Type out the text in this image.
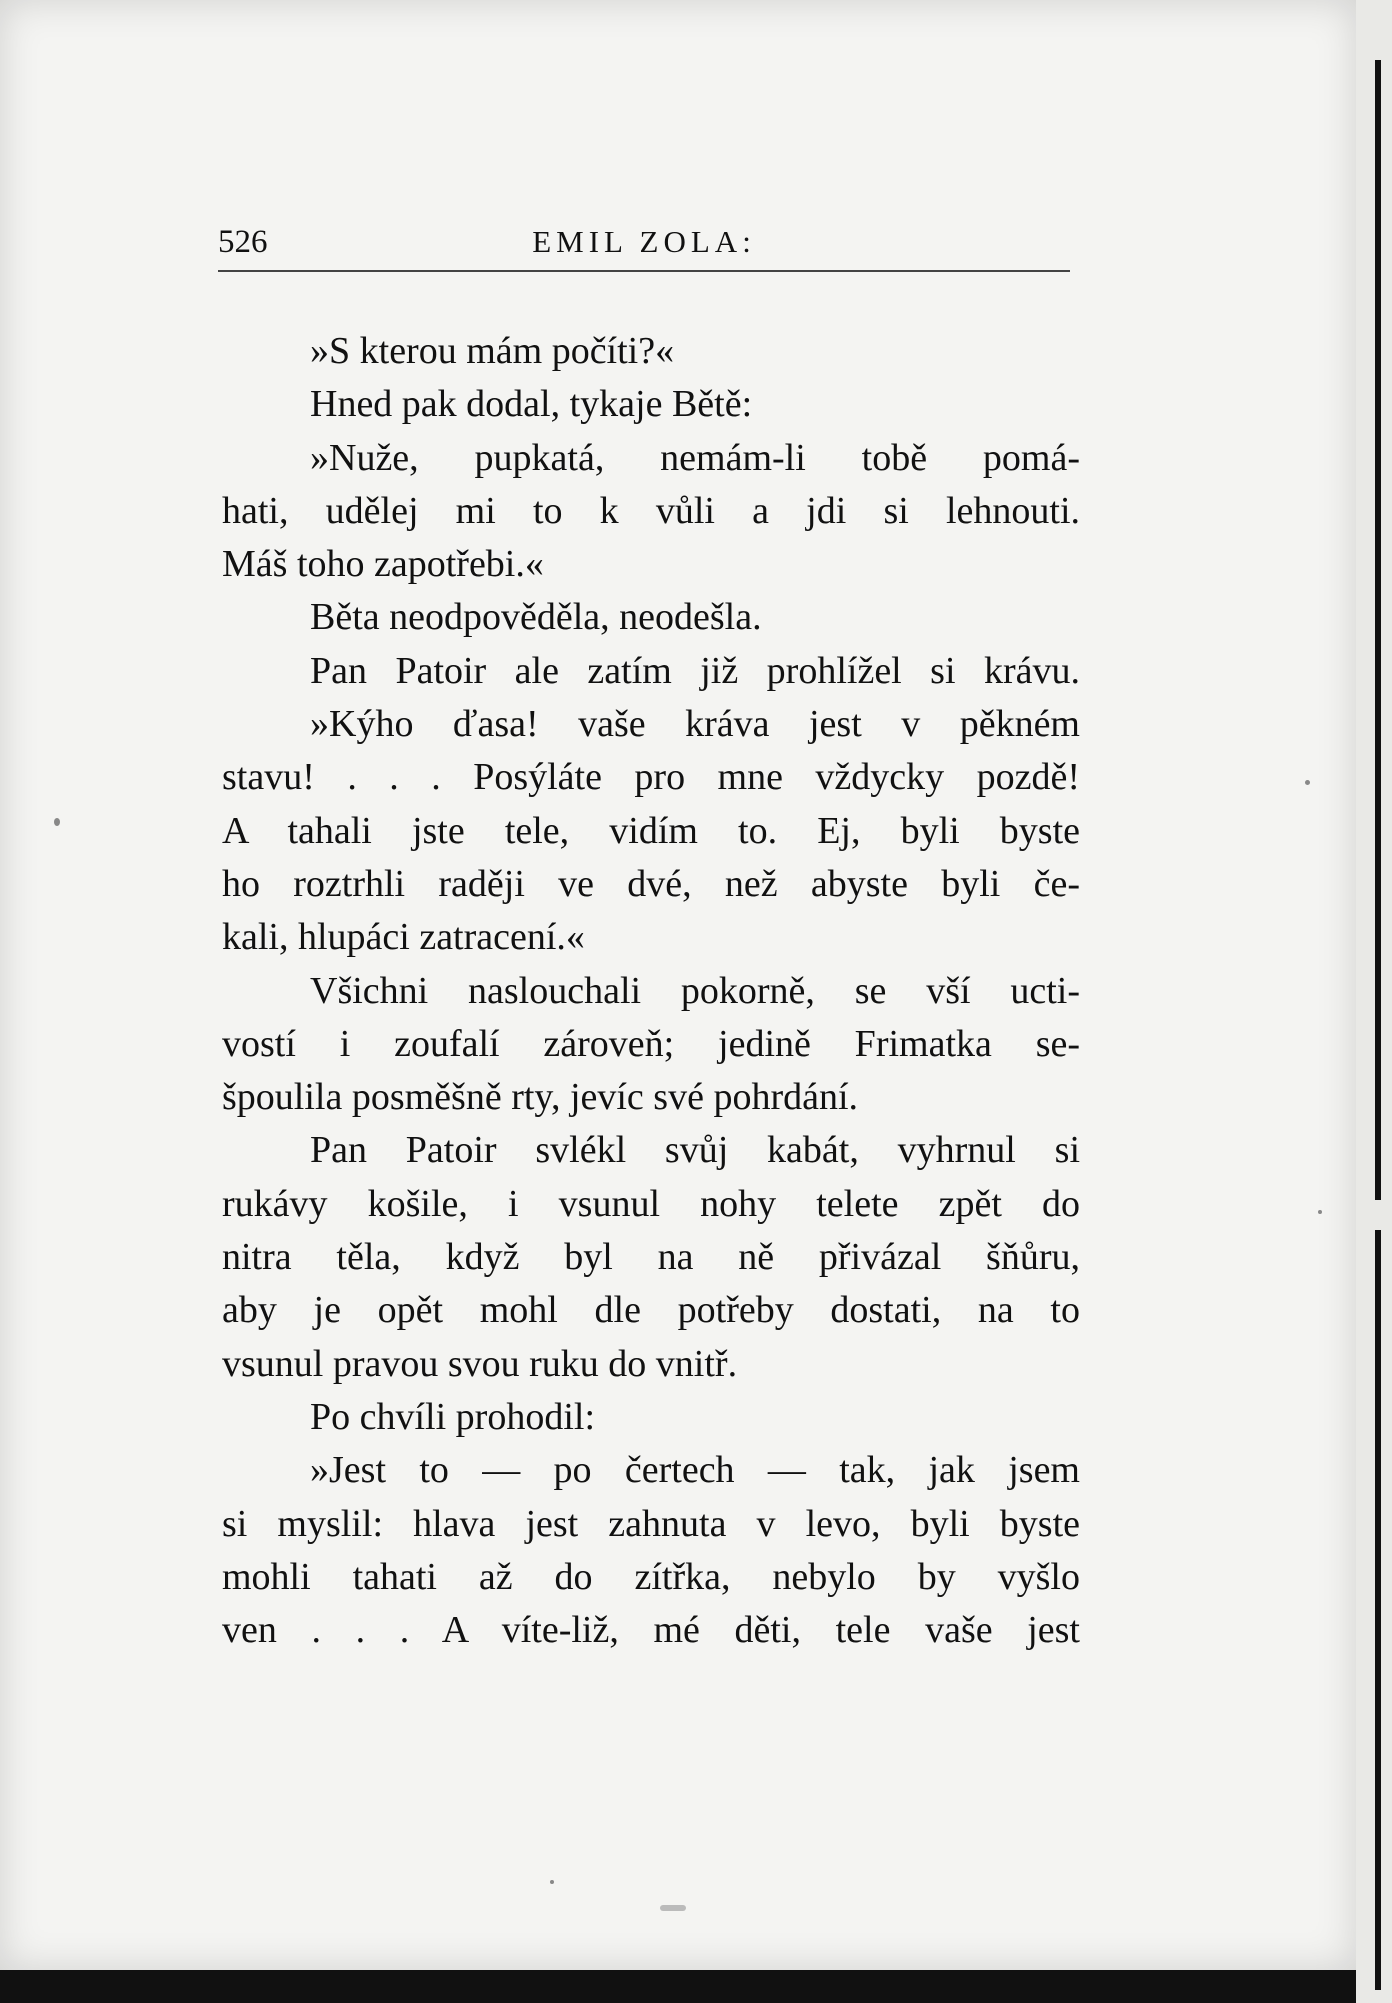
EMIL ZOLA:
526
»S kterou mám počíti?«
Hned pak dodal, tykaje Bětě:
»Nuže, pupkatá, nemám-li tobě pomá-
hati, udělej mi to k vůli a jdi si lehnouti.
Máš toho zapotřebi.«
Běta neodpověděla, neodešla.
Pan Patoir ale zatím již prohlížel si krávu.
»Kýho ďasa! vaše kráva jest v pěkném
stavu! . . . Posýláte pro mne vždycky pozdě!
A tahali jste tele, vidím to. Ej, byli byste
ho roztrhli raději ve dvé, než abyste byli če-
kali, hlupáci zatracení.«
Všichni naslouchali pokorně, se vší ucti-
vostí i zoufalí zároveň; jedině Frimatka se-
špoulila posměšně rty, jevíc své pohrdání.
Pan Patoir svlékl svůj kabát, vyhrnul si
rukávy košile, i vsunul nohy telete zpět do
nitra těla, když byl na ně přivázal šňůru,
aby je opět mohl dle potřeby dostati, na to
vsunul pravou svou ruku do vnitř.
Po chvíli prohodil:
»Jest to — po čertech — tak, jak jsem
si myslil: hlava jest zahnuta v levo, byli byste
mohli tahati až do zítřka, nebylo by vyšlo
ven . . . A víte-liž, mé děti, tele vaše jest
